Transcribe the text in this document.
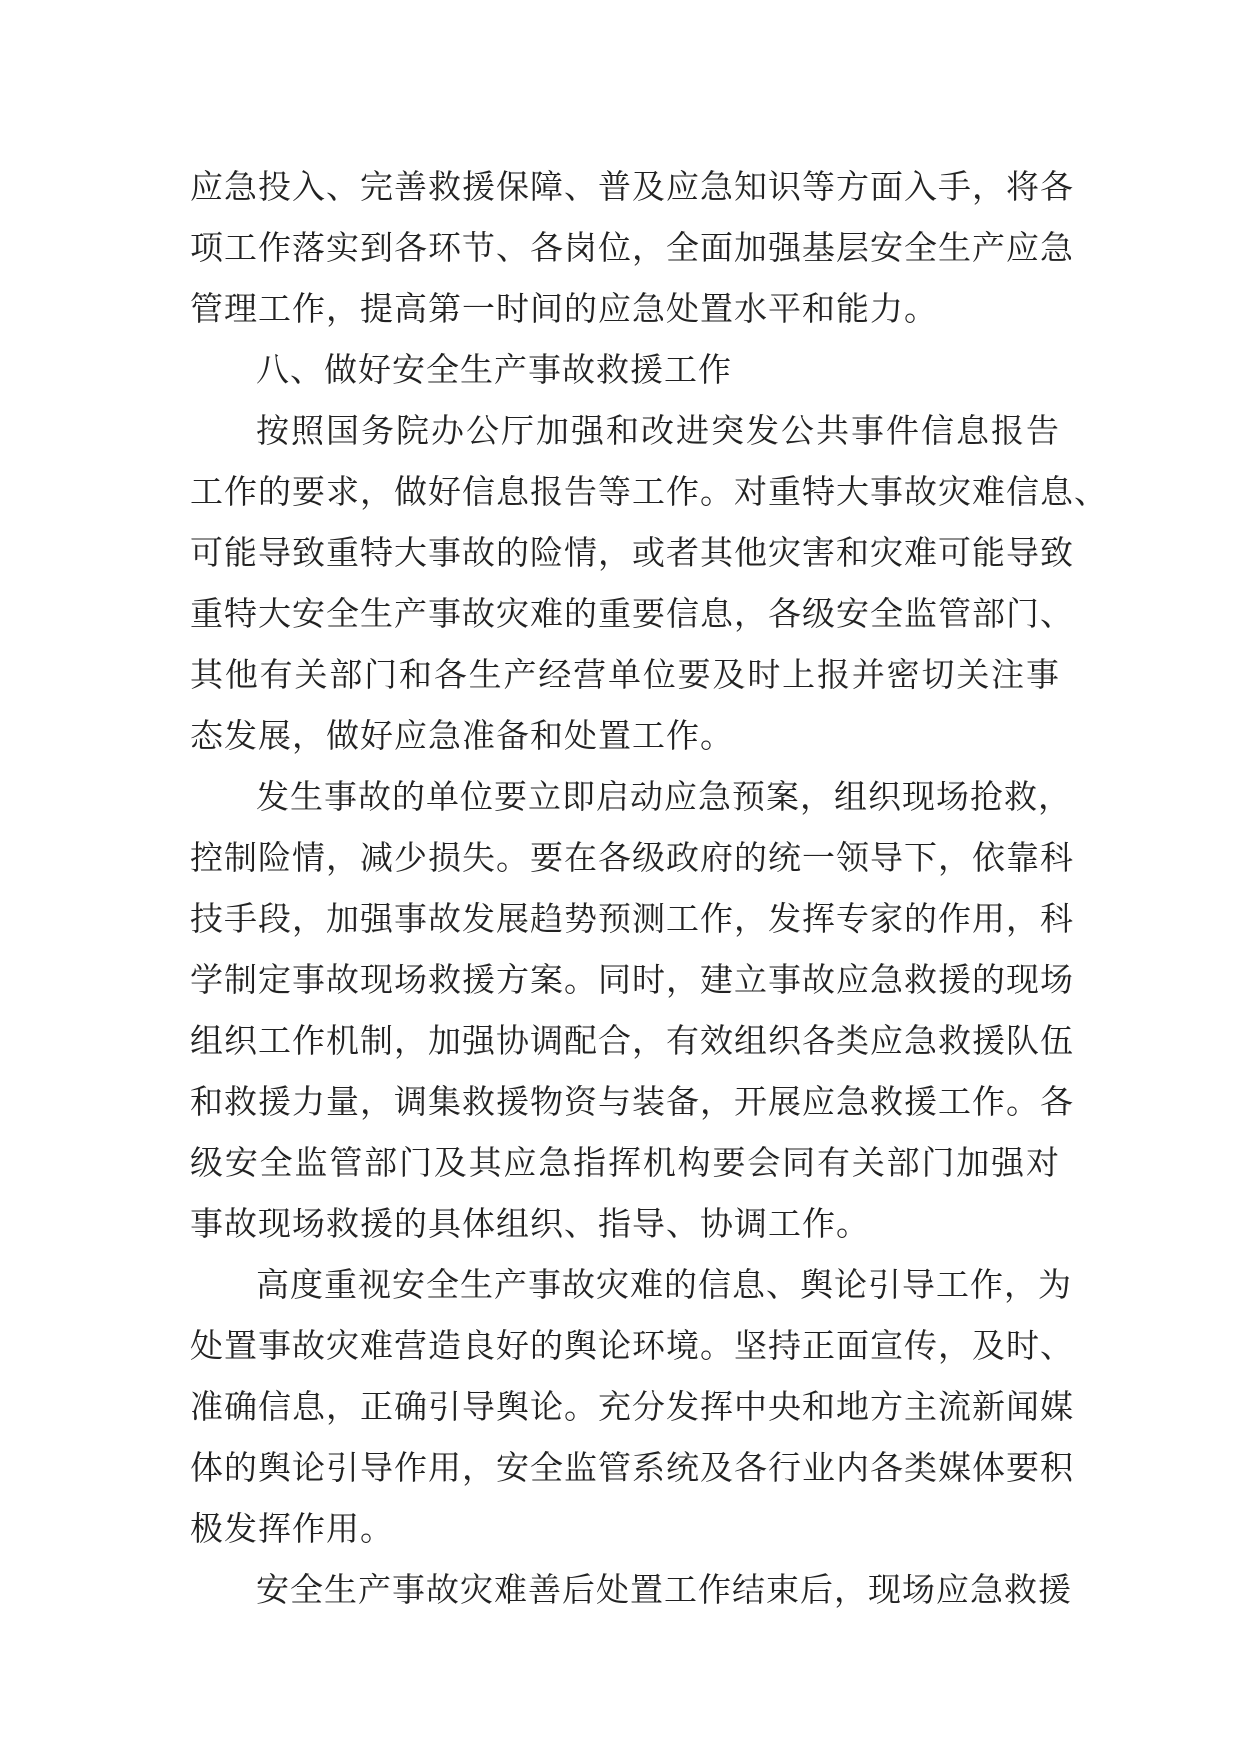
应急投入、完善救援保障、普及应急知识等方面入手，将各
项工作落实到各环节、各岗位，全面加强基层安全生产应急
管理工作，提高第一时间的应急处置水平和能力。
八、做好安全生产事故救援工作
按照国务院办公厅加强和改进突发公共事件信息报告
工作的要求，做好信息报告等工作。对重特大事故灾难信息、
可能导致重特大事故的险情，或者其他灾害和灾难可能导致
重特大安全生产事故灾难的重要信息，各级安全监管部门、
其他有关部门和各生产经营单位要及时上报并密切关注事
态发展，做好应急准备和处置工作。
发生事故的单位要立即启动应急预案，组织现场抢救，
控制险情，减少损失。要在各级政府的统一领导下，依靠科
技手段，加强事故发展趋势预测工作，发挥专家的作用，科
学制定事故现场救援方案。同时，建立事故应急救援的现场
组织工作机制，加强协调配合，有效组织各类应急救援队伍
和救援力量，调集救援物资与装备，开展应急救援工作。各
级安全监管部门及其应急指挥机构要会同有关部门加强对
事故现场救援的具体组织、指导、协调工作。
高度重视安全生产事故灾难的信息、舆论引导工作，为
处置事故灾难营造良好的舆论环境。坚持正面宣传，及时、
准确信息，正确引导舆论。充分发挥中央和地方主流新闻媒
体的舆论引导作用，安全监管系统及各行业内各类媒体要积
极发挥作用。
安全生产事故灾难善后处置工作结束后，现场应急救援
